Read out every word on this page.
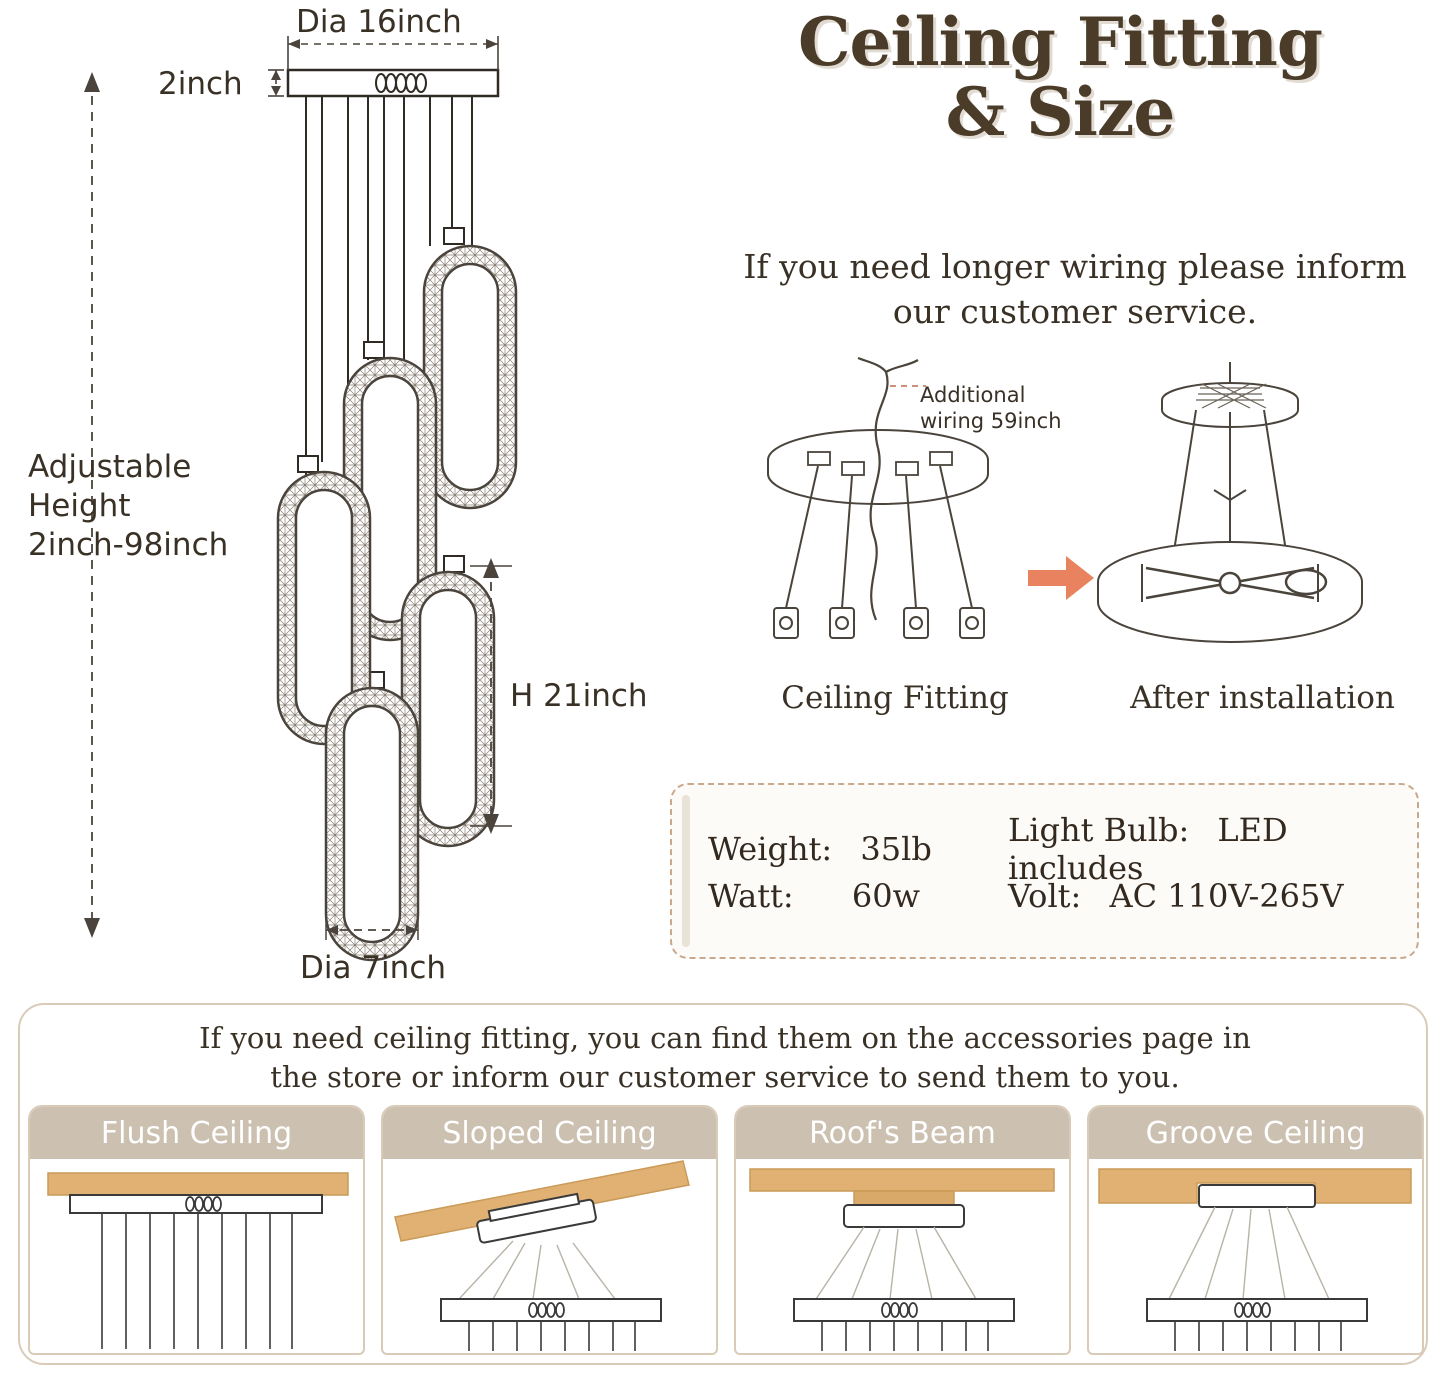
Dia 16inch
2inch
Adjustable
Height
2inch-98inch
H 21inch
Dia 7inch
Ceiling Fitting
& Size
If you need longer wiring please inform our customer service.
Additional
wiring 59inch
Ceiling Fitting	After installation
Weight: 35lb	Light Bulb: LED includes
Watt: 60w	Volt: AC 110V-265V
If you need ceiling fitting, you can find them on the accessories page in
the store or inform our customer service to send them to you.
Flush Ceiling	Sloped Ceiling	Roof's Beam	Groove Ceiling
